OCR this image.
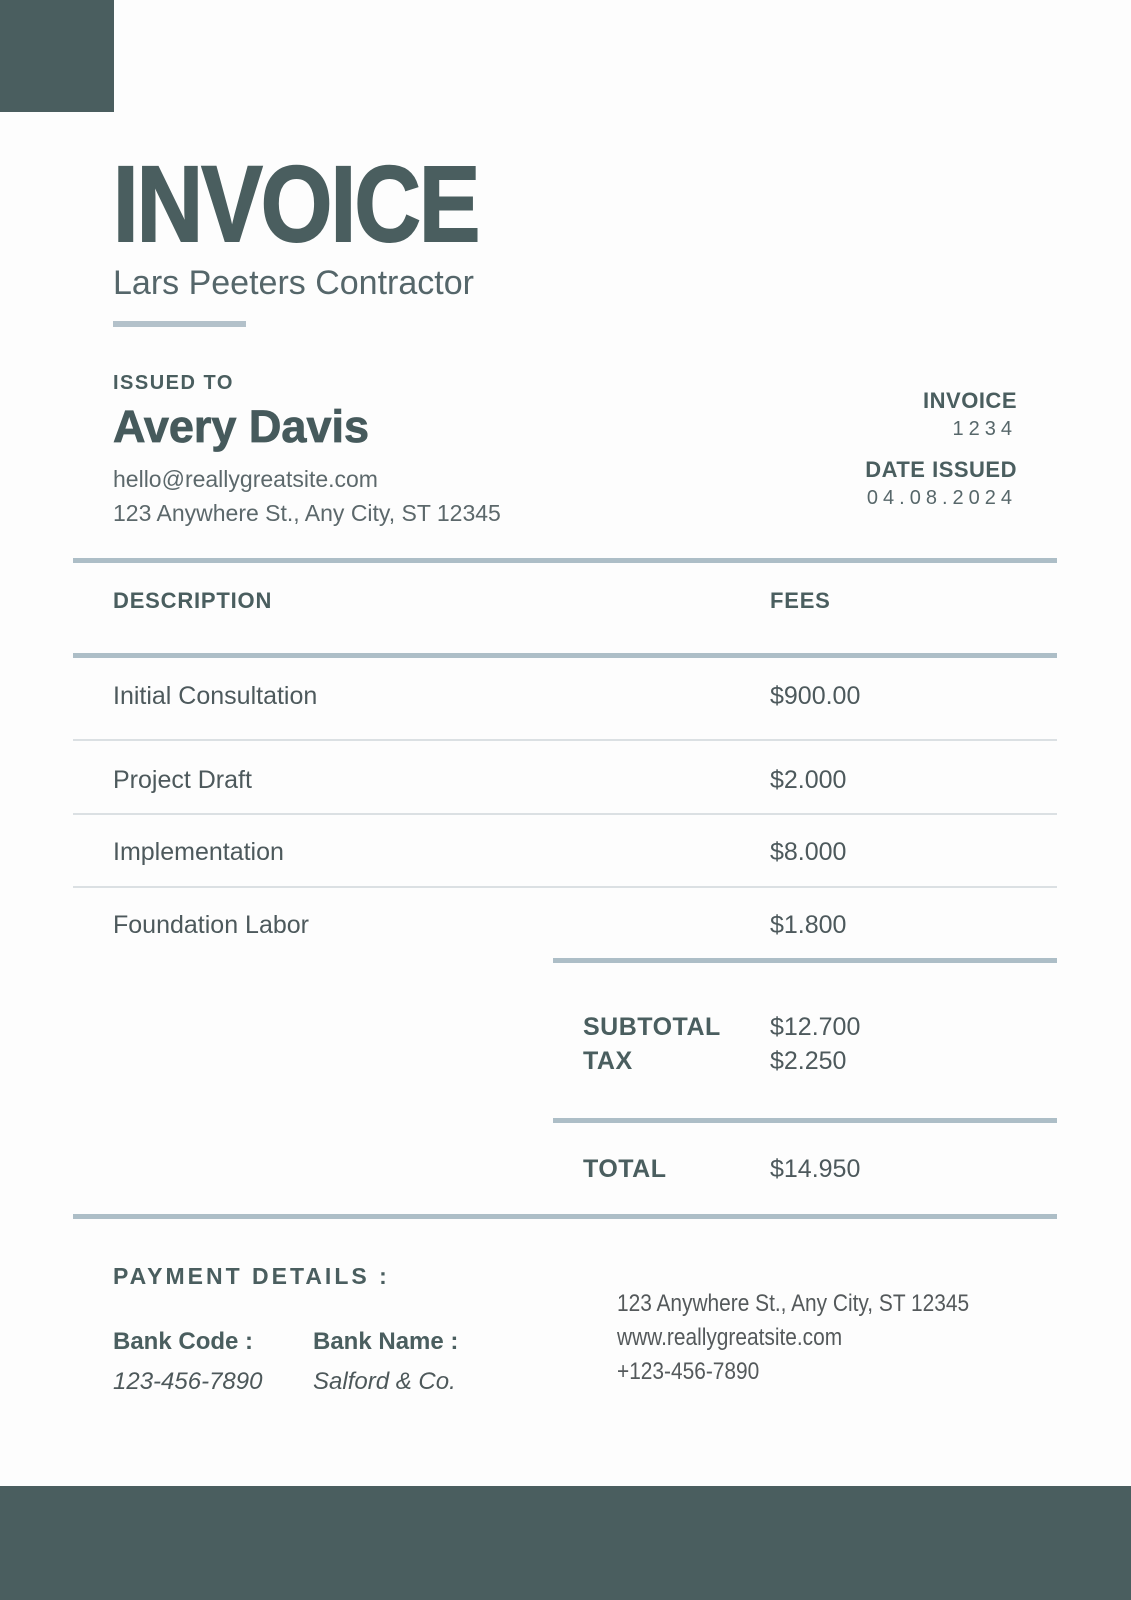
INVOICE
Lars Peeters Contractor
ISSUED TO
Avery Davis
hello@reallygreatsite.com
123 Anywhere St., Any City, ST 12345
INVOICE
1234
DATE ISSUED
04.08.2024
DESCRIPTION	FEES
Initial Consultation	$900.00
Project Draft	$2.000
Implementation	$8.000
Foundation Labor	$1.800
SUBTOTAL $12.700
TAX	$2.250
TOTAL	$14.950
PAYMENT DETAILS :
Bank Code :
123-456-7890
Bank Name :
Salford & Co.
123 Anywhere St., Any City, ST 12345
www.reallygreatsite.com
+123-456-7890
